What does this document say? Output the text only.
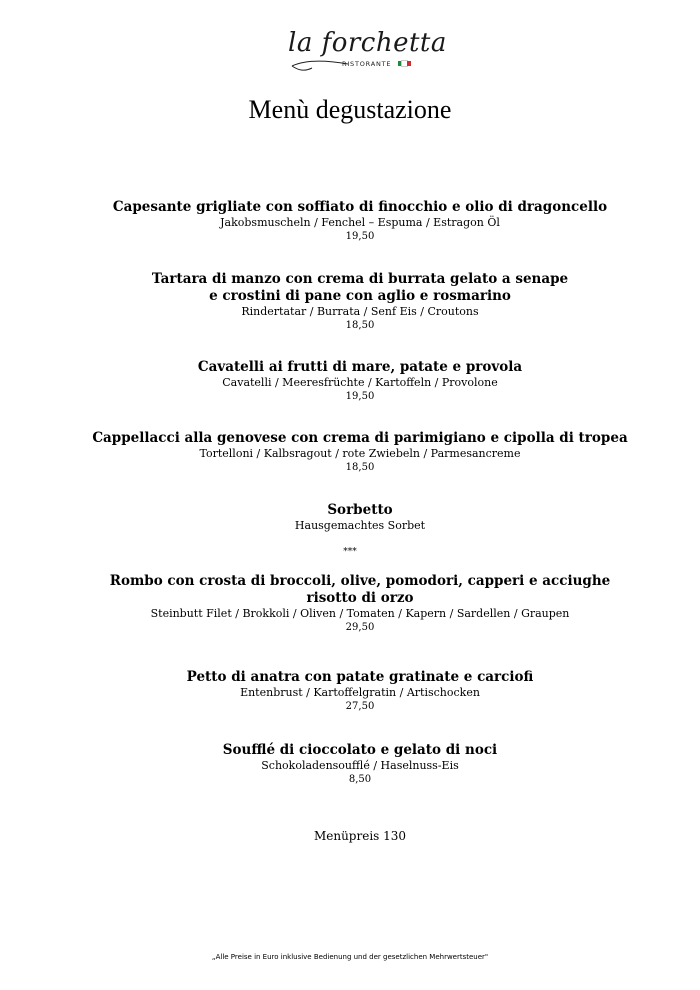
la forchetta
RISTORANTE
Menù degustazione
Capesante grigliate con soffiato di finocchio e olio di dragoncello
Jakobsmuscheln / Fenchel – Espuma / Estragon Öl
19,50
Tartara di manzo con crema di burrata gelato a senape
e crostini di pane con aglio e rosmarino
Rindertatar / Burrata / Senf Eis / Croutons
18,50
Cavatelli ai frutti di mare, patate e provola
Cavatelli / Meeresfrüchte / Kartoffeln / Provolone
19,50
Cappellacci alla genovese con crema di parimigiano e cipolla di tropea
Tortelloni / Kalbsragout / rote Zwiebeln / Parmesancreme
18,50
Sorbetto
Hausgemachtes Sorbet
***
Rombo con crosta di broccoli, olive, pomodori, capperi e acciughe
risotto di orzo
Steinbutt Filet / Brokkoli / Oliven / Tomaten / Kapern / Sardellen / Graupen
29,50
Petto di anatra con patate gratinate e carciofi
Entenbrust / Kartoffelgratin / Artischocken
27,50
Soufflé di cioccolato e gelato di noci
Schokoladensoufflé / Haselnuss-Eis
8,50
Menüpreis 130
„Alle Preise in Euro inklusive Bedienung und der gesetzlichen Mehrwertsteuer"
